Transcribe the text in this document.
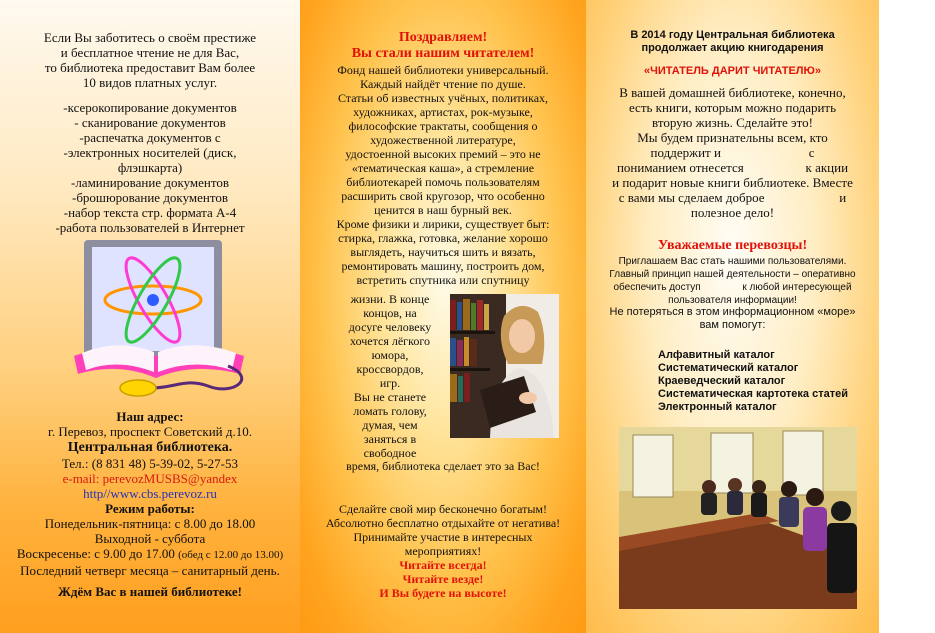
Если Вы заботитесь о своём престиже

и бесплатное чтение не для Вас,

то библиотека предоставит Вам более

10 видов платных услуг.

-ксерокопирование документов

- сканирование документов

-распечатка документов с

-электронных носителей (диск,

флэшкарта)

-ламинирование документов

-брошюрование документов

-набор текста стр. формата А-4

-работа пользователей в Интернет

Наш адрес:

г. Перевоз, проспект Советский д.10.

Центральная библиотека.

Тел.: (8 831 48) 5-39-02, 5-27-53

e-mail: perevozMUSBS@yandex

http//www.cbs.perevoz.ru

Режим работы:

Понедельник-пятница: с 8.00 до 18.00

Выходной - суббота

Воскресенье: с 9.00 до 17.00 (обед с 12.00 до 13.00)

Последний четверг месяца – санитарный день.

Ждём Вас в нашей библиотеке!

Поздравляем!

Вы стали нашим читателем!

Фонд нашей библиотеки универсальный.

Каждый найдёт чтение по душе.

Статьи об известных учёных, политиках,

художниках, артистах, рок-музыке,

философские трактаты, сообщения о

художественной литературе,

удостоенной высоких премий – это не

«тематическая каша», а стремление

библиотекарей помочь пользователям

расширить свой кругозор, что особенно

ценится в наш бурный век.

Кроме физики и лирики, существует быт:

стирка, глажка, готовка, желание хорошо

выглядеть, научиться шить и вязать,

ремонтировать машину, построить дом,

встретить спутника или спутницу

жизни. В конце

концов, на

досуге человеку

хочется лёгкого

юмора,

кроссвордов,

игр.

Вы не станете

ломать голову,

думая, чем

заняться в

свободное

время, библиотека сделает это за Вас!

Сделайте свой мир бесконечно богатым!

Абсолютно бесплатно отдыхайте от негатива!

Принимайте участие в интересных

мероприятиях!

Читайте всегда!

Читайте везде!

И Вы будете на высоте!

В 2014 году Центральная библиотека

продолжает акцию книгодарения

«ЧИТАТЕЛЬ ДАРИТ ЧИТАТЕЛЮ»

В вашей домашней библиотеке, конечно,

есть книги, которым можно подарить

вторую жизнь. Сделайте это!

Мы будем признательны всем, кто

поддержит и                           с

пониманием отнесется                   к акции

и подарит новые книги библиотеке. Вместе

с вами мы сделаем доброе                       и

полезное дело!

Уважаемые перевозцы!

Приглашаем Вас стать нашими пользователями.

Главный принцип нашей деятельности – оперативно

обеспечить доступ               к любой интересующей

пользователя информации!

Не потеряться в этом информационном «море»

вам помогут:

Алфавитный каталог

Систематический каталог

Краеведческий каталог

Систематическая картотека статей

Электронный каталог
